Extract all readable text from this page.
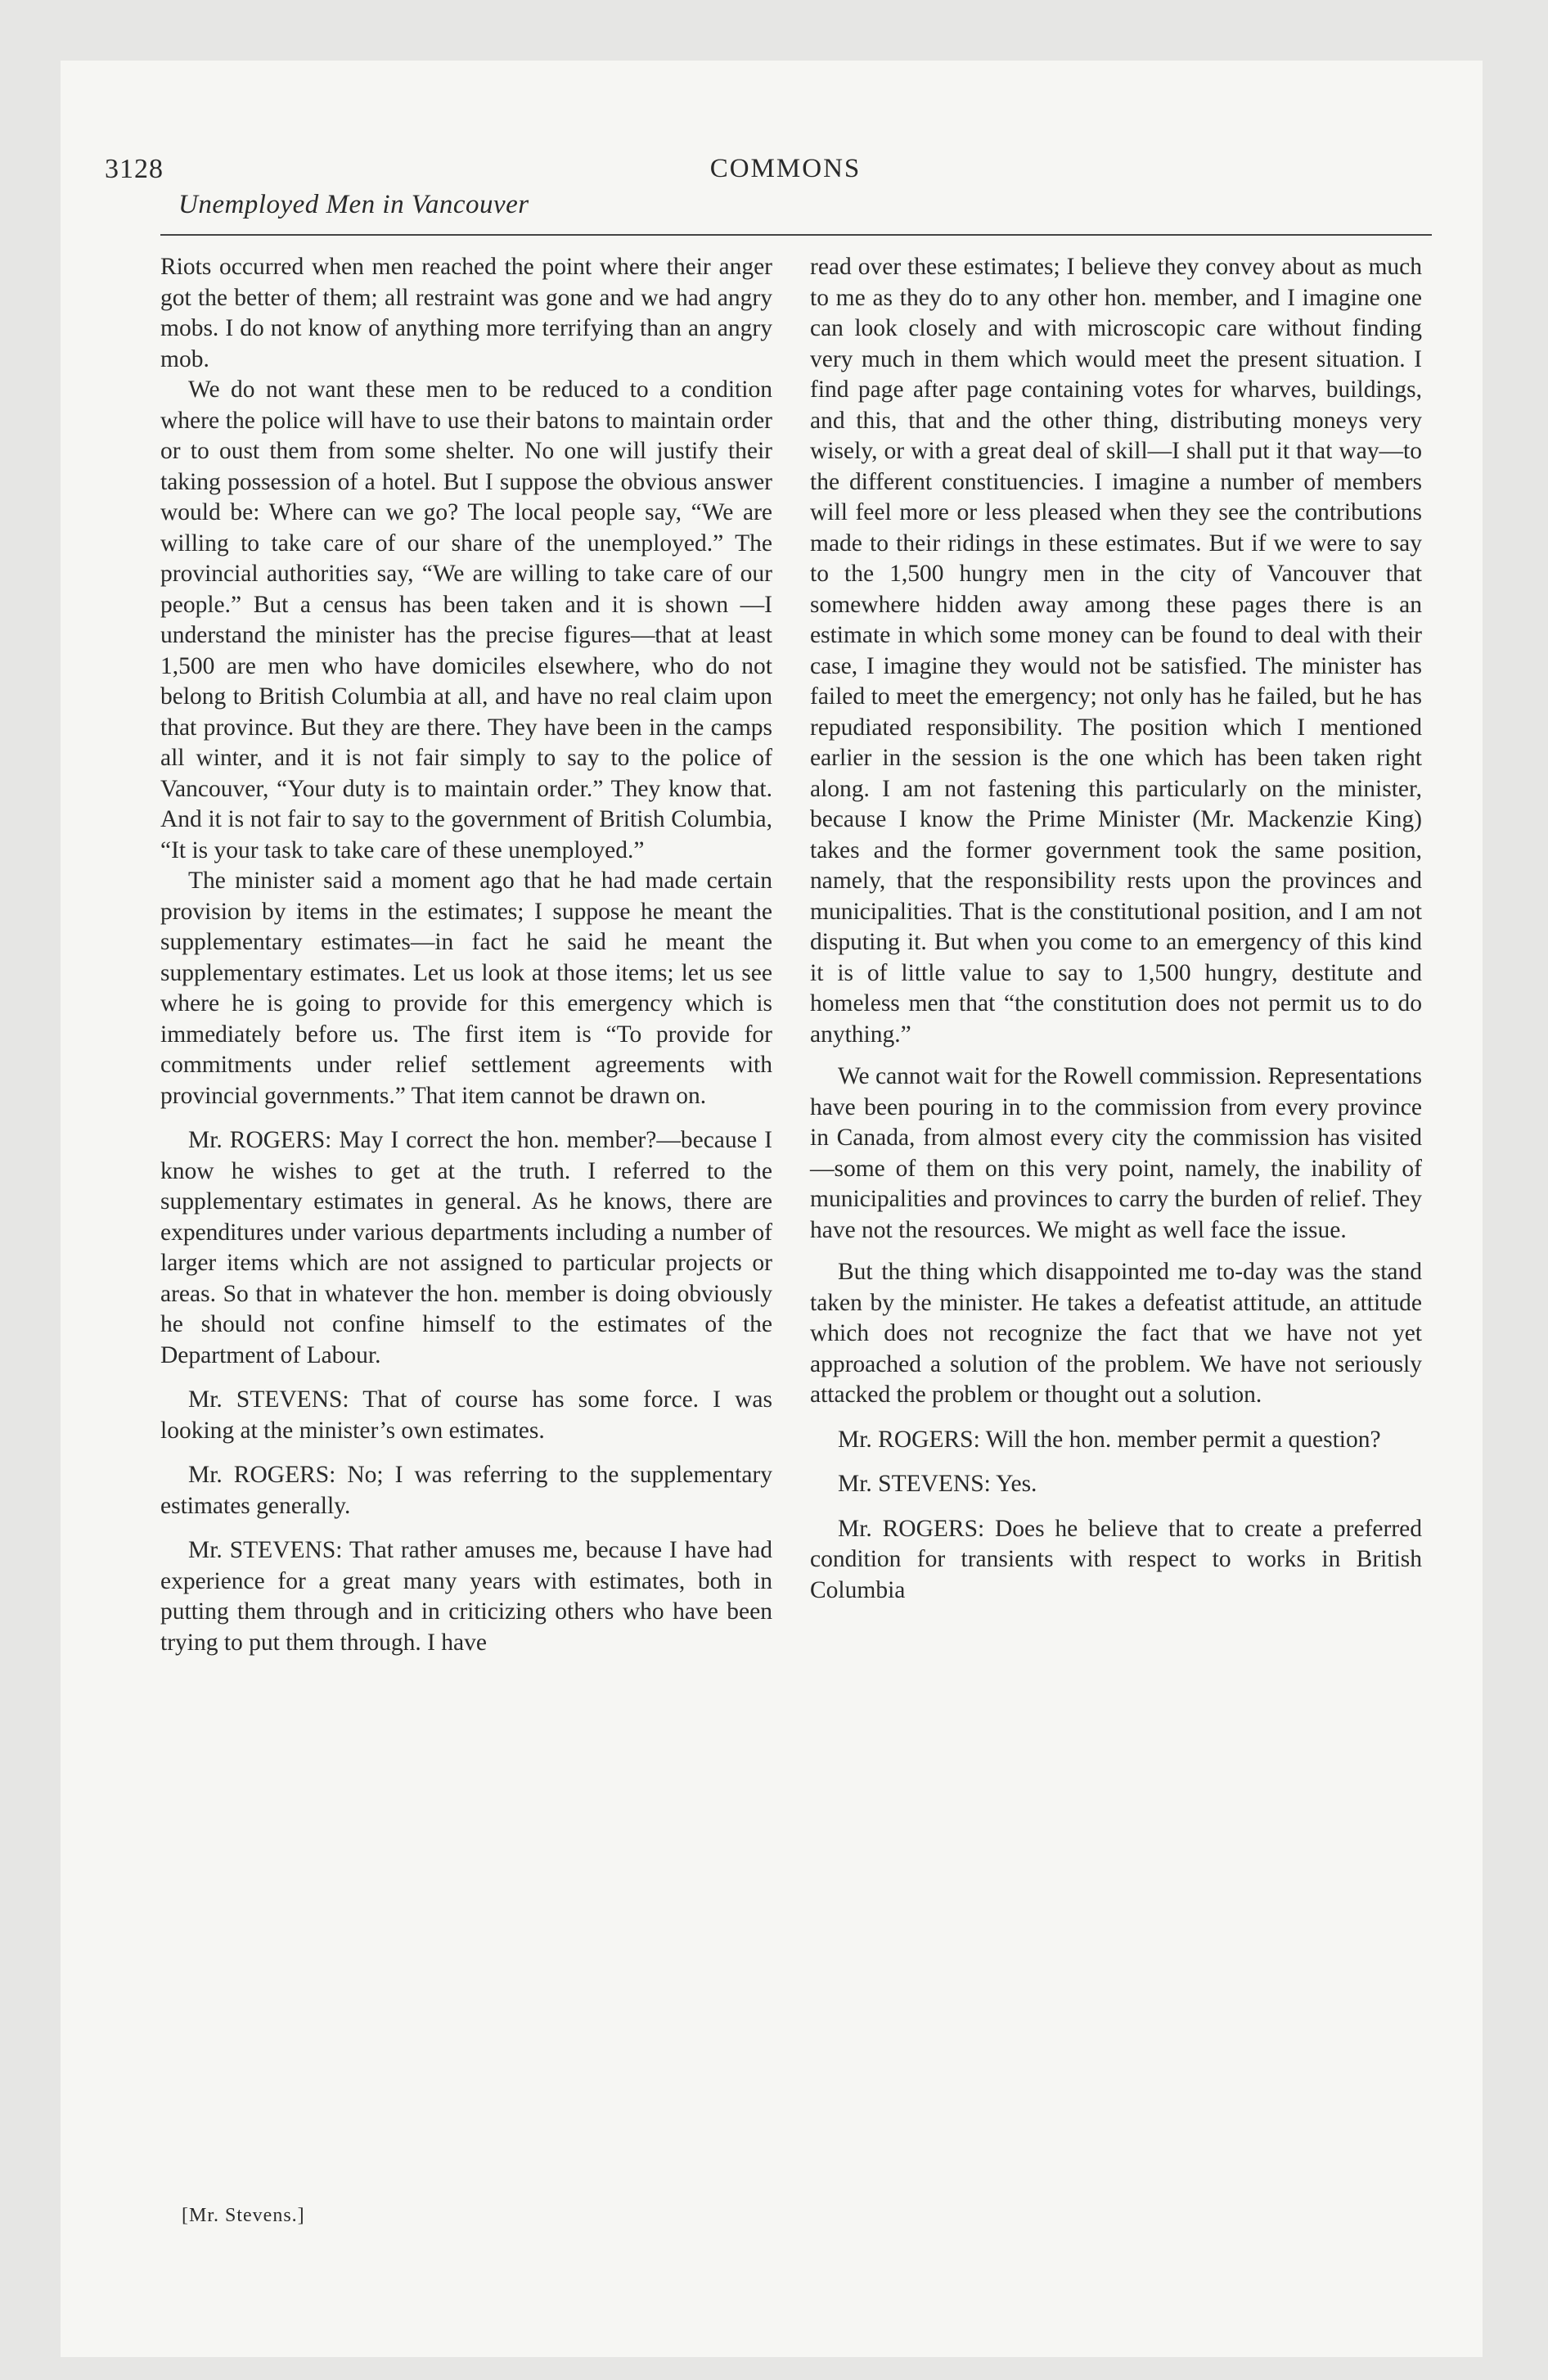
3128	COMMONS
Unemployed Men in Vancouver

Riots occurred when men reached the point where their anger got the better of them; all restraint was gone and we had angry mobs. I do not know of anything more terrifying than an angry mob.

We do not want these men to be reduced to a condition where the police will have to use their batons to maintain order or to oust them from some shelter. No one will justify their taking possession of a hotel. But I suppose the obvious answer would be: Where can we go? The local people say, “We are willing to take care of our share of the unemployed.” The provincial authorities say, “We are willing to take care of our people.” But a census has been taken and it is shown —I understand the minister has the precise figures—that at least 1,500 are men who have domiciles elsewhere, who do not belong to British Columbia at all, and have no real claim upon that province. But they are there. They have been in the camps all winter, and it is not fair simply to say to the police of Vancouver, “Your duty is to maintain order.” They know that. And it is not fair to say to the government of British Columbia, “It is your task to take care of these unemployed.”

The minister said a moment ago that he had made certain provision by items in the estimates; I suppose he meant the supplementary estimates—in fact he said he meant the supplementary estimates. Let us look at those items; let us see where he is going to provide for this emergency which is immediately before us. The first item is “To provide for commitments under relief settlement agreements with provincial governments.” That item cannot be drawn on.

Mr. ROGERS: May I correct the hon. member?—because I know he wishes to get at the truth. I referred to the supplementary estimates in general. As he knows, there are expenditures under various departments including a number of larger items which are not assigned to particular projects or areas. So that in whatever the hon. member is doing obviously he should not confine himself to the estimates of the Department of Labour.

Mr. STEVENS: That of course has some force. I was looking at the minister’s own estimates.

Mr. ROGERS: No; I was referring to the supplementary estimates generally.

Mr. STEVENS: That rather amuses me, because I have had experience for a great many years with estimates, both in putting them through and in criticizing others who have been trying to put them through. I have

read over these estimates; I believe they convey about as much to me as they do to any other hon. member, and I imagine one can look closely and with microscopic care without finding very much in them which would meet the present situation. I find page after page containing votes for wharves, buildings, and this, that and the other thing, distributing moneys very wisely, or with a great deal of skill—I shall put it that way—to the different constituencies. I imagine a number of members will feel more or less pleased when they see the contributions made to their ridings in these estimates. But if we were to say to the 1,500 hungry men in the city of Vancouver that somewhere hidden away among these pages there is an estimate in which some money can be found to deal with their case, I imagine they would not be satisfied. The minister has failed to meet the emergency; not only has he failed, but he has repudiated responsibility. The position which I mentioned earlier in the session is the one which has been taken right along. I am not fastening this particularly on the minister, because I know the Prime Minister (Mr. Mackenzie King) takes and the former government took the same position, namely, that the responsibility rests upon the provinces and municipalities. That is the constitutional position, and I am not disputing it. But when you come to an emergency of this kind it is of little value to say to 1,500 hungry, destitute and homeless men that “the constitution does not permit us to do anything.”

We cannot wait for the Rowell commission. Representations have been pouring in to the commission from every province in Canada, from almost every city the commission has visited—some of them on this very point, namely, the inability of municipalities and provinces to carry the burden of relief. They have not the resources. We might as well face the issue.

But the thing which disappointed me to-day was the stand taken by the minister. He takes a defeatist attitude, an attitude which does not recognize the fact that we have not yet approached a solution of the problem. We have not seriously attacked the problem or thought out a solution.

Mr. ROGERS: Will the hon. member permit a question?

Mr. STEVENS: Yes.

Mr. ROGERS: Does he believe that to create a preferred condition for transients with respect to works in British Columbia

[Mr. Stevens.]
